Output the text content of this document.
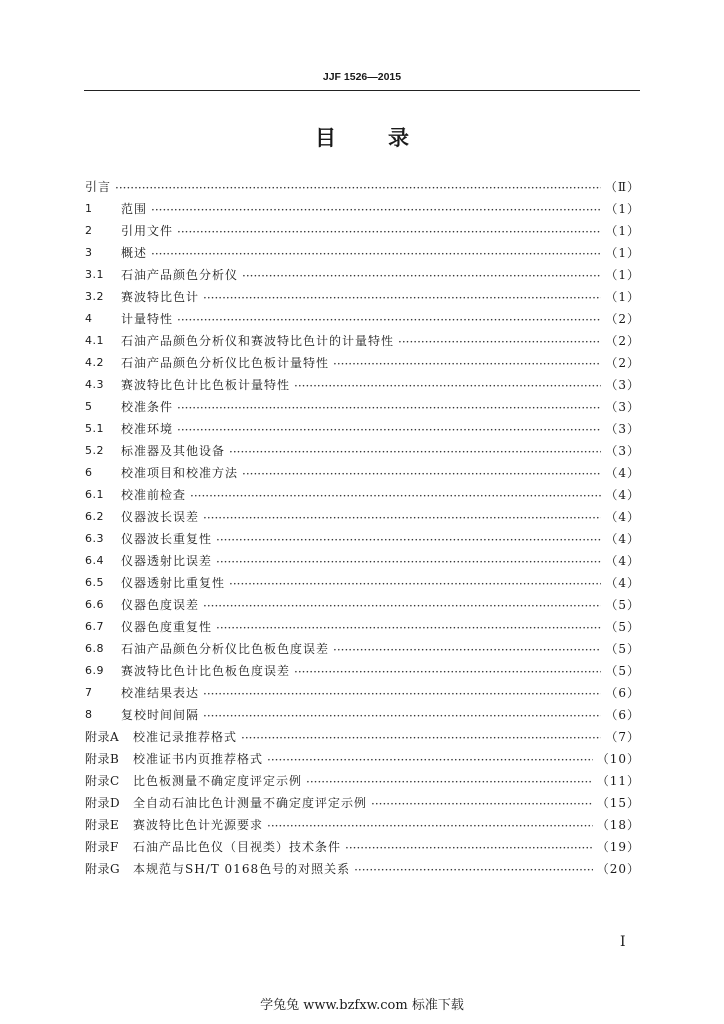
JJF 1526—2015
目 录
引言 ·····	（Ⅱ）
1	范围 ·····	（1）
2	引用文件 ·····	（1）
3	概述 ·····	（1）
3.1	石油产品颜色分析仪 ·····	（1）
3.2	赛波特比色计 ·····	（1）
4	计量特性 ·····	（2）
4.1	石油产品颜色分析仪和赛波特比色计的计量特性 ·····	（2）
4.2	石油产品颜色分析仪比色板计量特性 ·····	（2）
4.3	赛波特比色计比色板计量特性 ·····	（3）
5	校准条件 ·····	（3）
5.1	校准环境 ·····	（3）
5.2	标准器及其他设备 ·····	（3）
6	校准项目和校准方法 ·····	（4）
6.1	校准前检查 ·····	（4）
6.2	仪器波长误差 ·····	（4）
6.3	仪器波长重复性 ·····	（4）
6.4	仪器透射比误差 ·····	（4）
6.5	仪器透射比重复性 ·····	（4）
6.6	仪器色度误差 ·····	（5）
6.7	仪器色度重复性 ·····	（5）
6.8	石油产品颜色分析仪比色板色度误差 ·····	（5）
6.9	赛波特比色计比色板色度误差 ·····	（5）
7	校准结果表达 ·····	（6）
8	复校时间间隔 ·····	（6）
附录A	校准记录推荐格式 ·····	（7）
附录B	校准证书内页推荐格式 ·····	（10）
附录C	比色板测量不确定度评定示例 ·····	（11）
附录D	全自动石油比色计测量不确定度评定示例 ·····	（15）
附录E	赛波特比色计光源要求 ·····	（18）
附录F	石油产品比色仪（目视类）技术条件 ·····	（19）
附录G	本规范与SH/T 0168色号的对照关系 ·····	（20）
I
学兔兔 www.bzfxw.com 标准下载
